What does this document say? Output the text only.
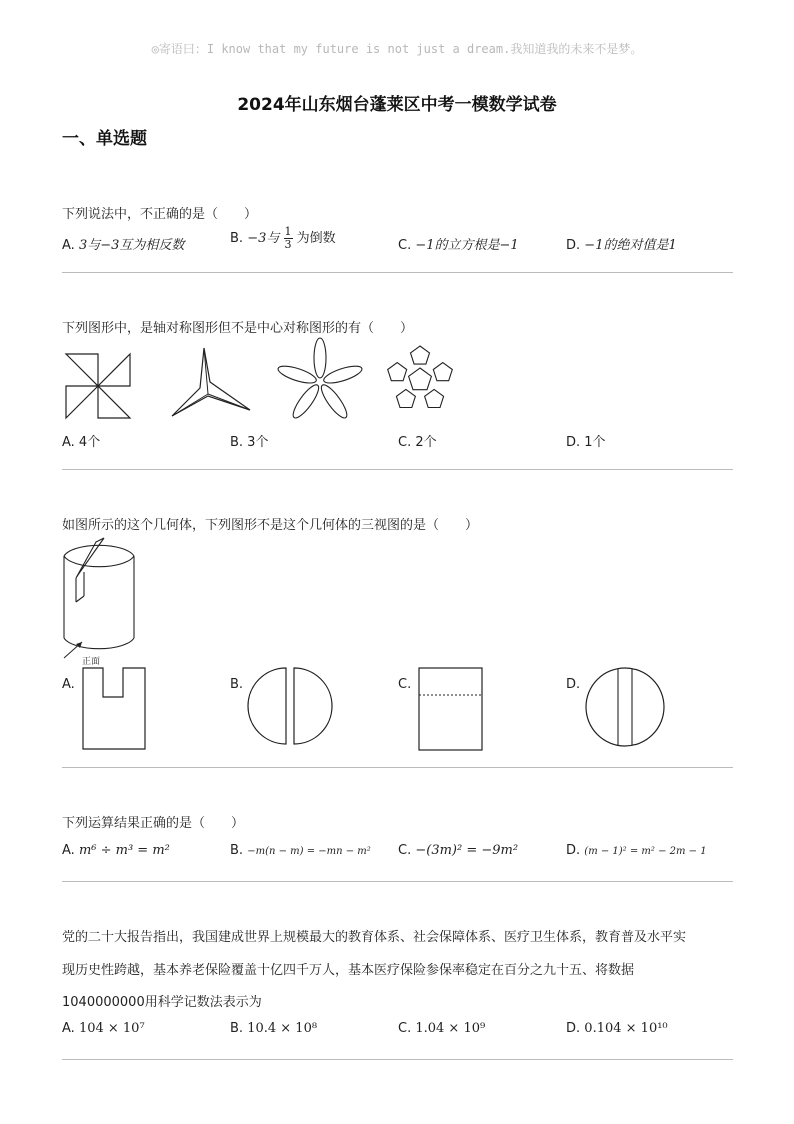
◎寄语曰：I know that my future is not just a dream.我知道我的未来不是梦。
2024年山东烟台蓬莱区中考一模数学试卷
一、单选题
下列说法中，不正确的是（　　）
A. 3与−3互为相反数	B. −3与 $\frac{1}{3}$ 为倒数	C. −1的立方根是−1	D. −1的绝对值是1
下列图形中，是轴对称图形但不是中心对称图形的有（　　）
A. 4个	B. 3个	C. 2个	D. 1个
如图所示的这个几何体，下列图形不是这个几何体的三视图的是（　　）
正面
A.	B.	C.	D.
下列运算结果正确的是（　　）
A. m⁶ ÷ m³ = m²	B. −m(n − m) = −mn − m² C. −(3m)² = −9m²	D. (m − 1)² = m² − 2m − 1
党的二十大报告指出，我国建成世界上规模最大的教育体系、社会保障体系、医疗卫生体系，教育普及水平实
现历史性跨越，基本养老保险覆盖十亿四千万人，基本医疗保险参保率稳定在百分之九十五、将数据
1040000000用科学记数法表示为
A. 104 × 10⁷	B. 10.4 × 10⁸	C. 1.04 × 10⁹	D. 0.104 × 10¹⁰
